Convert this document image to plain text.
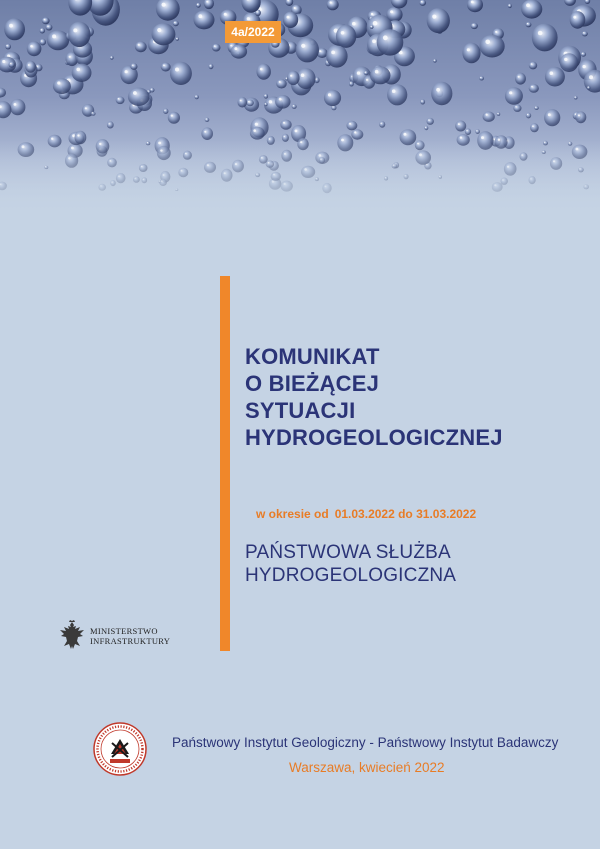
4a/2022
KOMUNIKAT
O BIEŻĄCEJ
SYTUACJI
HYDROGEOLOGICZNEJ
w okresie od 01.03.2022 do 31.03.2022
PAŃSTWOWA SŁUŻBA
HYDROGEOLOGICZNA
MINISTERSTWO
INFRASTRUKTURY
Państwowy Instytut Geologiczny - Państwowy Instytut Badawczy
Warszawa, kwiecień 2022
